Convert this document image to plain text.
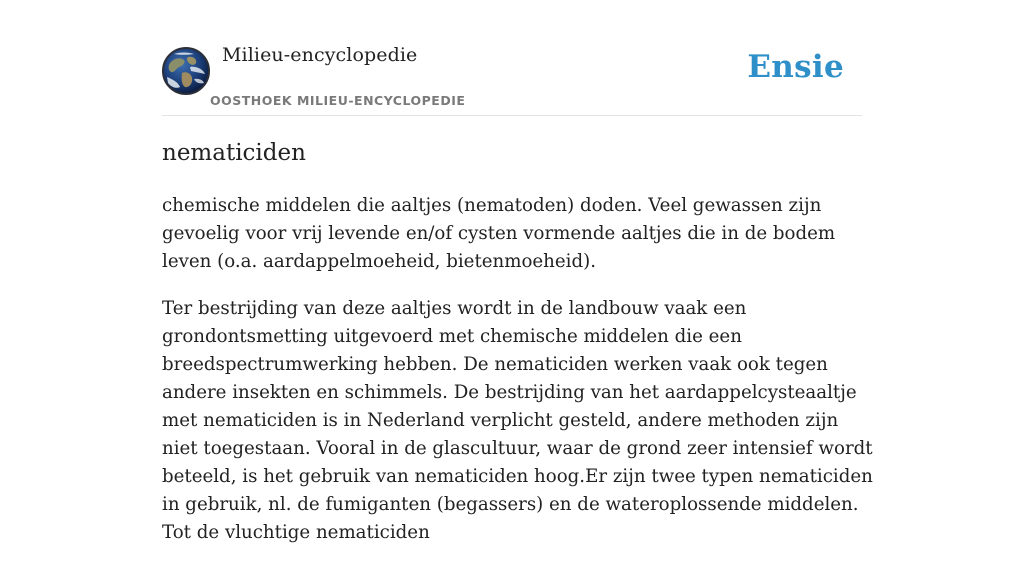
Milieu-encyclopedie
OOSTHOEK MILIEU-ENCYCLOPEDIE
Ensie
nematiciden

chemische middelen die aaltjes (nematoden) doden. Veel gewassen zijn gevoelig voor vrij levende en/of cysten vormende aaltjes die in de bodem leven (o.a. aardappelmoeheid, bietenmoeheid).

Ter bestrijding van deze aaltjes wordt in de landbouw vaak een grondontsmetting uitgevoerd met chemische middelen die een breedspectrumwerking hebben. De nematiciden werken vaak ook tegen andere insekten en schimmels. De bestrijding van het aardappelcysteaaltje met nematiciden is in Nederland verplicht gesteld, andere methoden zijn niet toegestaan. Vooral in de glascultuur, waar de grond zeer intensief wordt beteeld, is het gebruik van nematiciden hoog.Er zijn twee typen nematiciden in gebruik, nl. de fumiganten (begassers) en de wateroplossende middelen. Tot de vluchtige nematiciden
